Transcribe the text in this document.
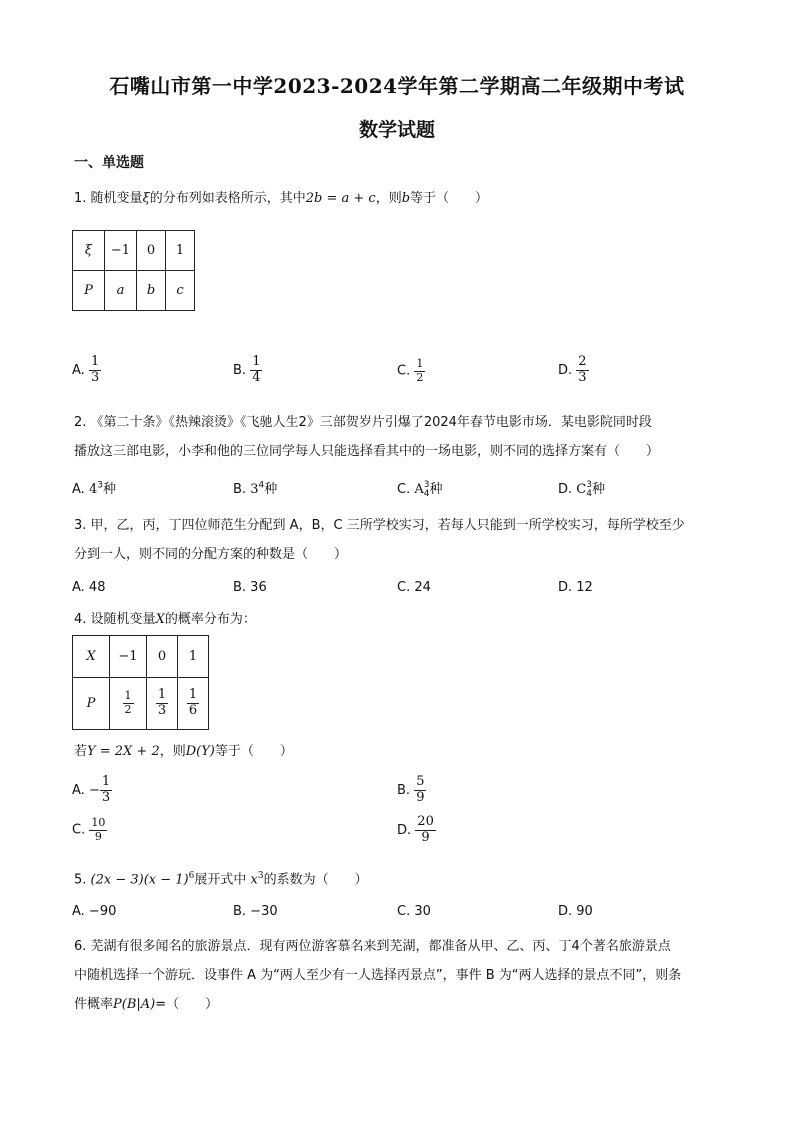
石嘴山市第一中学2023-2024学年第二学期高二年级期中考试
数学试题
一、单选题
1. 随机变量ξ的分布列如表格所示，其中2b = a + c，则b等于（　　）
ξ	−1	0	1
P	a	b	c
A. $\frac{1}{3}$	B. $\frac{1}{4}$	C. $\frac{1}{2}$	D. $\frac{2}{3}$
2. 《第二十条》《热辣滚烫》《飞驰人生2》三部贺岁片引爆了2024年春节电影市场．某电影院同时段
播放这三部电影，小李和他的三位同学每人只能选择看其中的一场电影，则不同的选择方案有（　　）
A. $4^3$种	B. $3^4$种	C. A 3
4 种	D. C 3
4 种
3. 甲，乙，丙，丁四位师范生分配到 A，B，C 三所学校实习，若每人只能到一所学校实习，每所学校至少
分到一人，则不同的分配方案的种数是（　　）
A. 48	B. 36	C. 24	D. 12
4. 设随机变量X的概率分布为：
X	−1	0	1
P	$\frac{1}{2}$	$\frac{1}{3}$	$\frac{1}{6}$
若Y = 2X + 2，则D(Y)等于（　　）
A. − $\frac{1}{3}$	B. $\frac{5}{9}$
C. $\frac{10}{9}$	D. $\frac{20}{9}$
5. $(2x - 3)(x - 1)^6$展开式中 $x^3$的系数为（　　）
A. −90	B. −30	C. 30	D. 90
6. 芜湖有很多闻名的旅游景点．现有两位游客慕名来到芜湖，都准备从甲、乙、丙、丁4个著名旅游景点
中随机选择一个游玩．设事件 A 为“两人至少有一人选择丙景点”，事件 B 为“两人选择的景点不同”，则条
件概率P(B|A)=（　　）
